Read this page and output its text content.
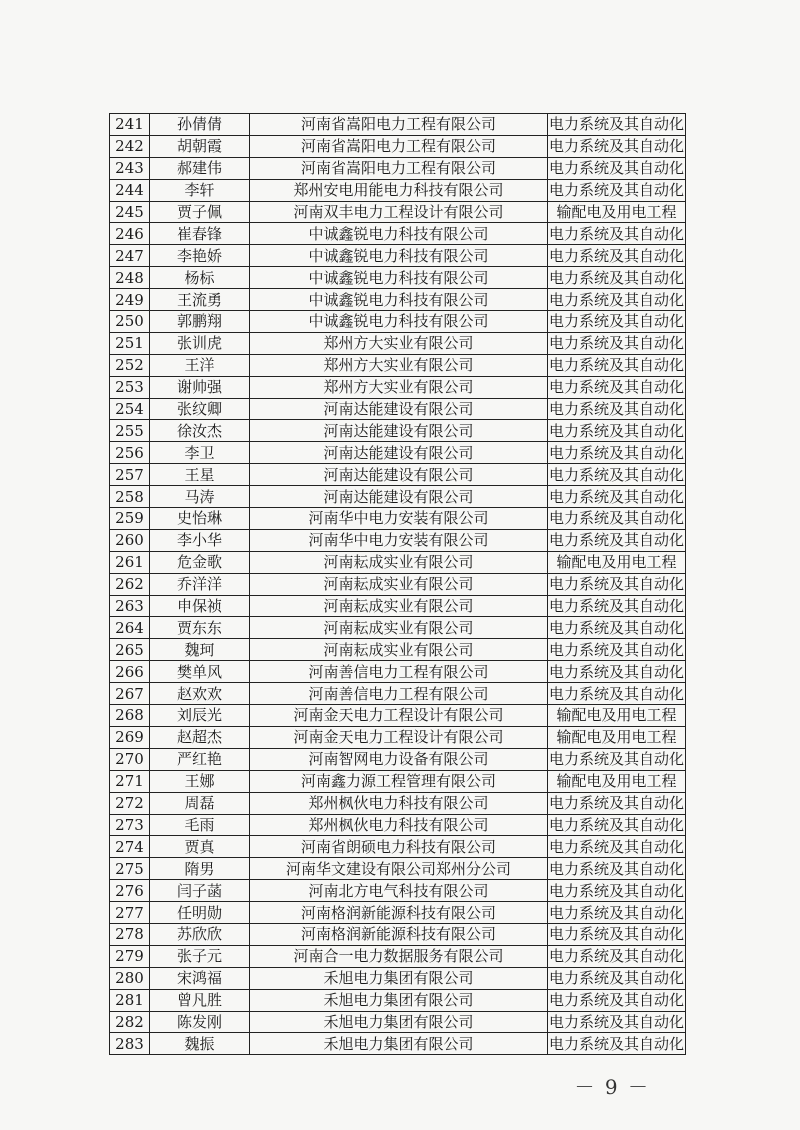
241	孙倩倩	河南省嵩阳电力工程有限公司	电力系统及其自动化
242	胡朝霞	河南省嵩阳电力工程有限公司	电力系统及其自动化
243	郝建伟	河南省嵩阳电力工程有限公司	电力系统及其自动化
244	李轩	郑州安电用能电力科技有限公司	电力系统及其自动化
245	贾子佩	河南双丰电力工程设计有限公司	输配电及用电工程
246	崔春锋	中诚鑫锐电力科技有限公司	电力系统及其自动化
247	李艳娇	中诚鑫锐电力科技有限公司	电力系统及其自动化
248	杨标	中诚鑫锐电力科技有限公司	电力系统及其自动化
249	王流勇	中诚鑫锐电力科技有限公司	电力系统及其自动化
250	郭鹏翔	中诚鑫锐电力科技有限公司	电力系统及其自动化
251	张训虎	郑州方大实业有限公司	电力系统及其自动化
252	王洋	郑州方大实业有限公司	电力系统及其自动化
253	谢帅强	郑州方大实业有限公司	电力系统及其自动化
254	张纹卿	河南达能建设有限公司	电力系统及其自动化
255	徐汝杰	河南达能建设有限公司	电力系统及其自动化
256	李卫	河南达能建设有限公司	电力系统及其自动化
257	王星	河南达能建设有限公司	电力系统及其自动化
258	马涛	河南达能建设有限公司	电力系统及其自动化
259	史怡琳	河南华中电力安装有限公司	电力系统及其自动化
260	李小华	河南华中电力安装有限公司	电力系统及其自动化
261	危金歌	河南耘成实业有限公司	输配电及用电工程
262	乔洋洋	河南耘成实业有限公司	电力系统及其自动化
263	申保祯	河南耘成实业有限公司	电力系统及其自动化
264	贾东东	河南耘成实业有限公司	电力系统及其自动化
265	魏珂	河南耘成实业有限公司	电力系统及其自动化
266	樊单风	河南善信电力工程有限公司	电力系统及其自动化
267	赵欢欢	河南善信电力工程有限公司	电力系统及其自动化
268	刘辰光	河南金天电力工程设计有限公司	输配电及用电工程
269	赵超杰	河南金天电力工程设计有限公司	输配电及用电工程
270	严红艳	河南智网电力设备有限公司	电力系统及其自动化
271	王娜	河南鑫力源工程管理有限公司	输配电及用电工程
272	周磊	郑州枫伙电力科技有限公司	电力系统及其自动化
273	毛雨	郑州枫伙电力科技有限公司	电力系统及其自动化
274	贾真	河南省朗硕电力科技有限公司	电力系统及其自动化
275	隋男	河南华文建设有限公司郑州分公司	电力系统及其自动化
276	闫子菡	河南北方电气科技有限公司	电力系统及其自动化
277	任明勋	河南格润新能源科技有限公司	电力系统及其自动化
278	苏欣欣	河南格润新能源科技有限公司	电力系统及其自动化
279	张子元	河南合一电力数据服务有限公司	电力系统及其自动化
280	宋鸿福	禾旭电力集团有限公司	电力系统及其自动化
281	曾凡胜	禾旭电力集团有限公司	电力系统及其自动化
282	陈发刚	禾旭电力集团有限公司	电力系统及其自动化
283	魏振	禾旭电力集团有限公司	电力系统及其自动化
－ 9 －
